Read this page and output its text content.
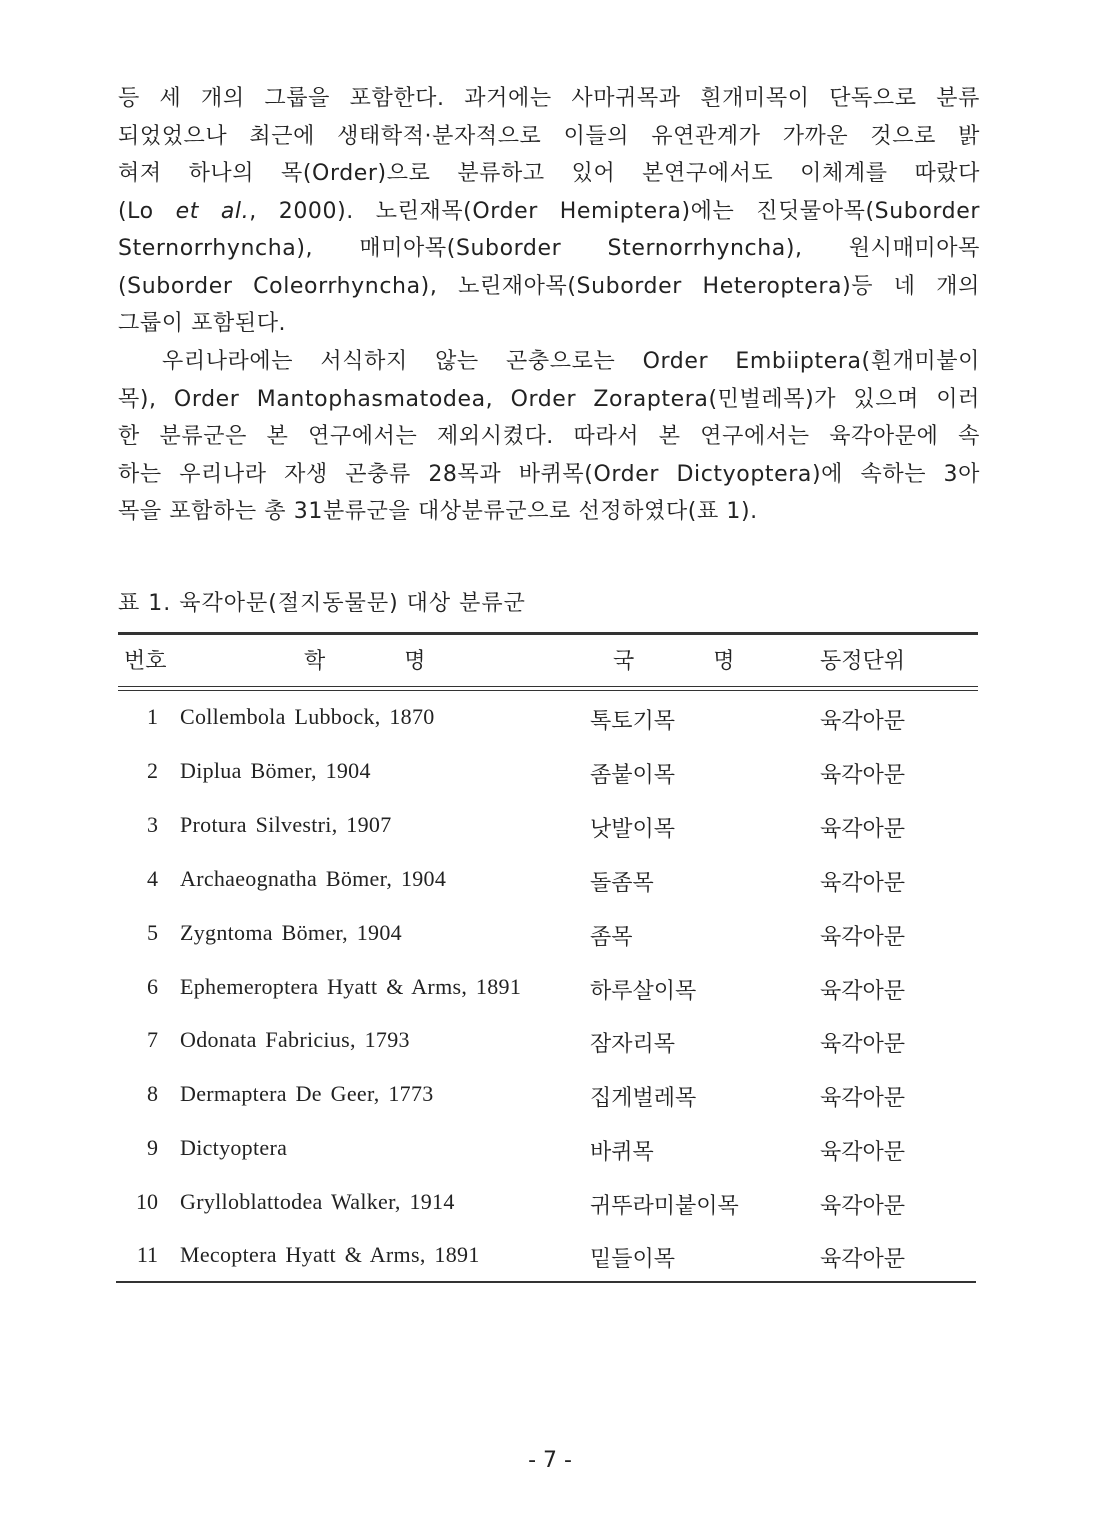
등 세 개의 그룹을 포함한다. 과거에는 사마귀목과 흰개미목이 단독으로 분류
되었었으나 최근에 생태학적·분자적으로 이들의 유연관계가 가까운 것으로 밝
혀져 하나의 목(Order)으로 분류하고 있어 본연구에서도 이체계를 따랐다
(Lo et al., 2000). 노린재목(Order Hemiptera)에는 진딧물아목(Suborder
Sternorrhyncha), 매미아목(Suborder Sternorrhyncha), 원시매미아목
(Suborder Coleorrhyncha), 노린재아목(Suborder Heteroptera)등 네 개의
그룹이 포함된다.
우리나라에는 서식하지 않는 곤충으로는 Order Embiiptera(흰개미붙이
목), Order Mantophasmatodea, Order Zoraptera(민벌레목)가 있으며 이러
한 분류군은 본 연구에서는 제외시켰다. 따라서 본 연구에서는 육각아문에 속
하는 우리나라 자생 곤충류 28목과 바퀴목(Order Dictyoptera)에 속하는 3아
목을 포함하는 총 31분류군을 대상분류군으로 선정하였다(표 1).
표 1. 육각아문(절지동물문) 대상 분류군
번호	학 명	국 명 동정단위
1 Collembola Lubbock, 1870	톡토기목	육각아문
2 Diplua Bömer, 1904	좀붙이목	육각아문
3 Protura Silvestri, 1907	낫발이목	육각아문
4 Archaeognatha Bömer, 1904	돌좀목	육각아문
5 Zygntoma Bömer, 1904	좀목	육각아문
6 Ephemeroptera Hyatt & Arms, 1891	하루살이목	육각아문
7 Odonata Fabricius, 1793	잠자리목	육각아문
8 Dermaptera De Geer, 1773	집게벌레목	육각아문
9 Dictyoptera	바퀴목	육각아문
10 Grylloblattodea Walker, 1914	귀뚜라미붙이목	육각아문
11 Mecoptera Hyatt & Arms, 1891	밑들이목	육각아문
- 7 -
